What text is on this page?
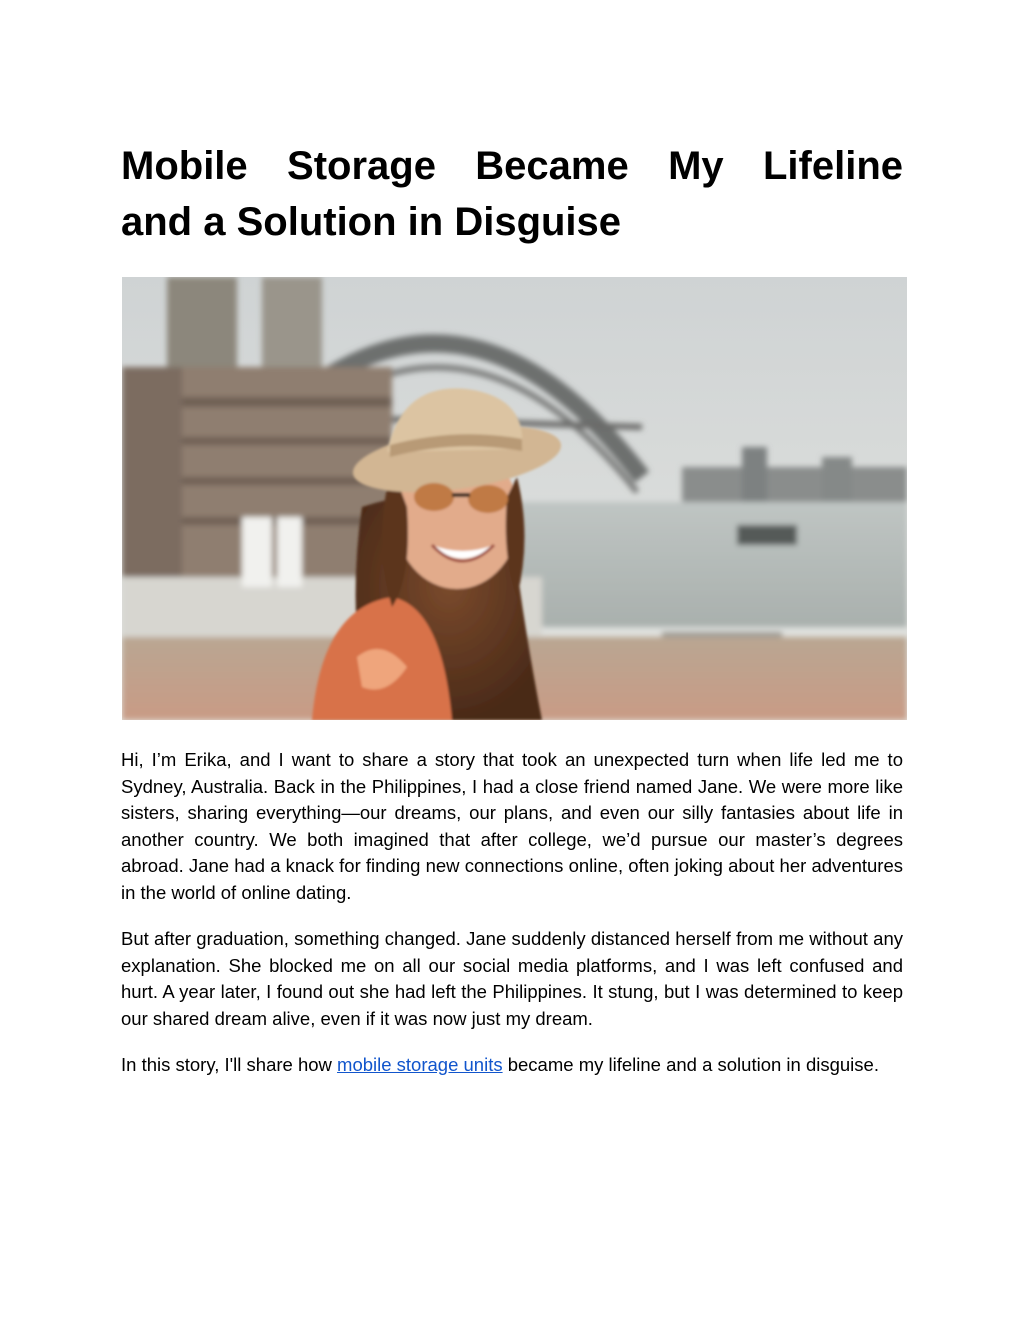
Mobile Storage Became My Lifeline
and a Solution in Disguise

Hi, I’m Erika, and I want to share a story that took an unexpected turn when life led me to Sydney, Australia. Back in the Philippines, I had a close friend named Jane. We were more like sisters, sharing everything—our dreams, our plans, and even our silly fantasies about life in another country. We both imagined that after college, we’d pursue our master’s degrees abroad. Jane had a knack for finding new connections online, often joking about her adventures in the world of online dating.

But after graduation, something changed. Jane suddenly distanced herself from me without any explanation. She blocked me on all our social media platforms, and I was left confused and hurt. A year later, I found out she had left the Philippines. It stung, but I was determined to keep our shared dream alive, even if it was now just my dream.

In this story, I'll share how mobile storage units became my lifeline and a solution in disguise.
